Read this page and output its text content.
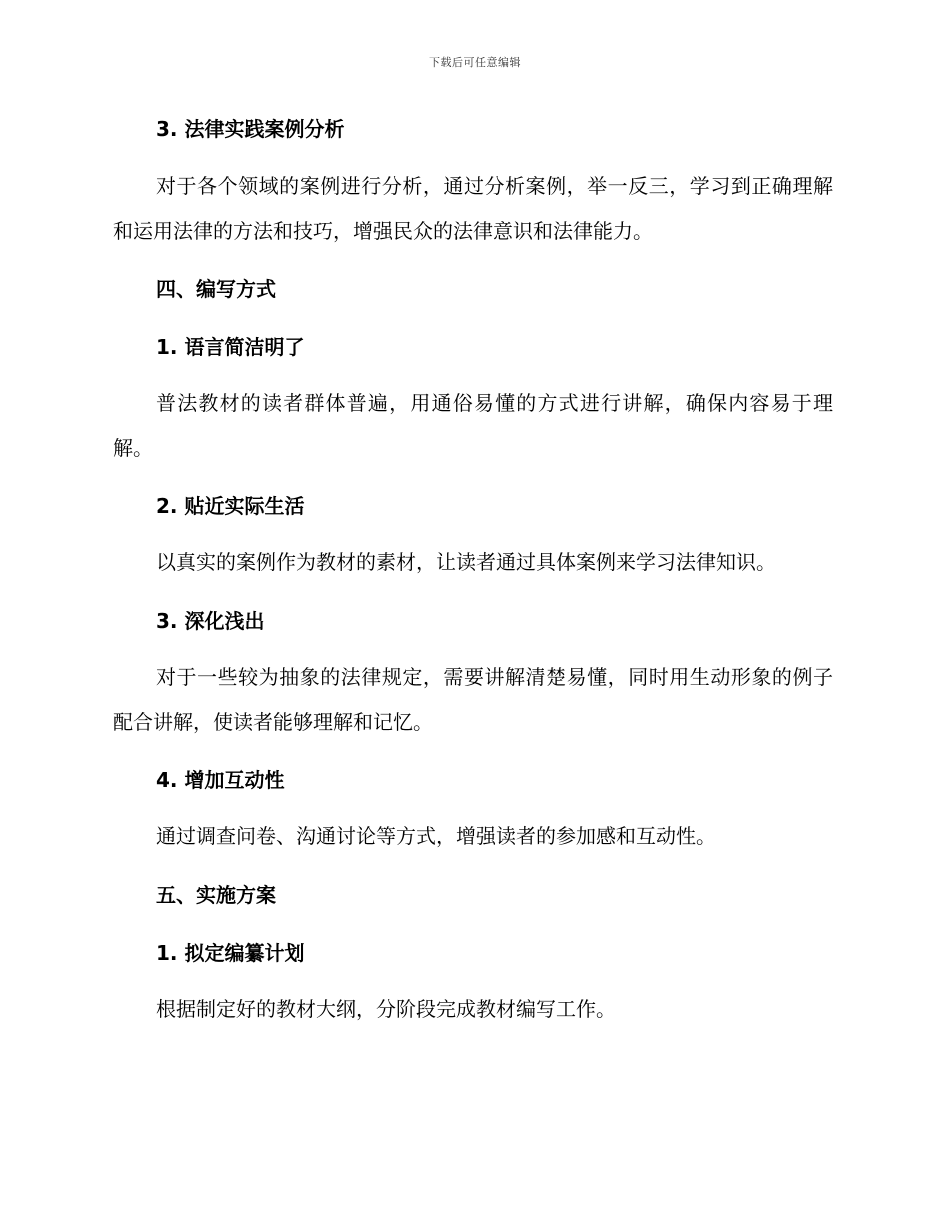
下载后可任意编辑
3. 法律实践案例分析
对于各个领域的案例进行分析，通过分析案例，举一反三，学习到正确理解和运用法律的方法和技巧，增强民众的法律意识和法律能力。
四、编写方式
1. 语言简洁明了
普法教材的读者群体普遍，用通俗易懂的方式进行讲解，确保内容易于理解。
2. 贴近实际生活
以真实的案例作为教材的素材，让读者通过具体案例来学习法律知识。
3. 深化浅出
对于一些较为抽象的法律规定，需要讲解清楚易懂，同时用生动形象的例子配合讲解，使读者能够理解和记忆。
4. 增加互动性
通过调查问卷、沟通讨论等方式，增强读者的参加感和互动性。
五、实施方案
1. 拟定编纂计划
根据制定好的教材大纲，分阶段完成教材编写工作。
